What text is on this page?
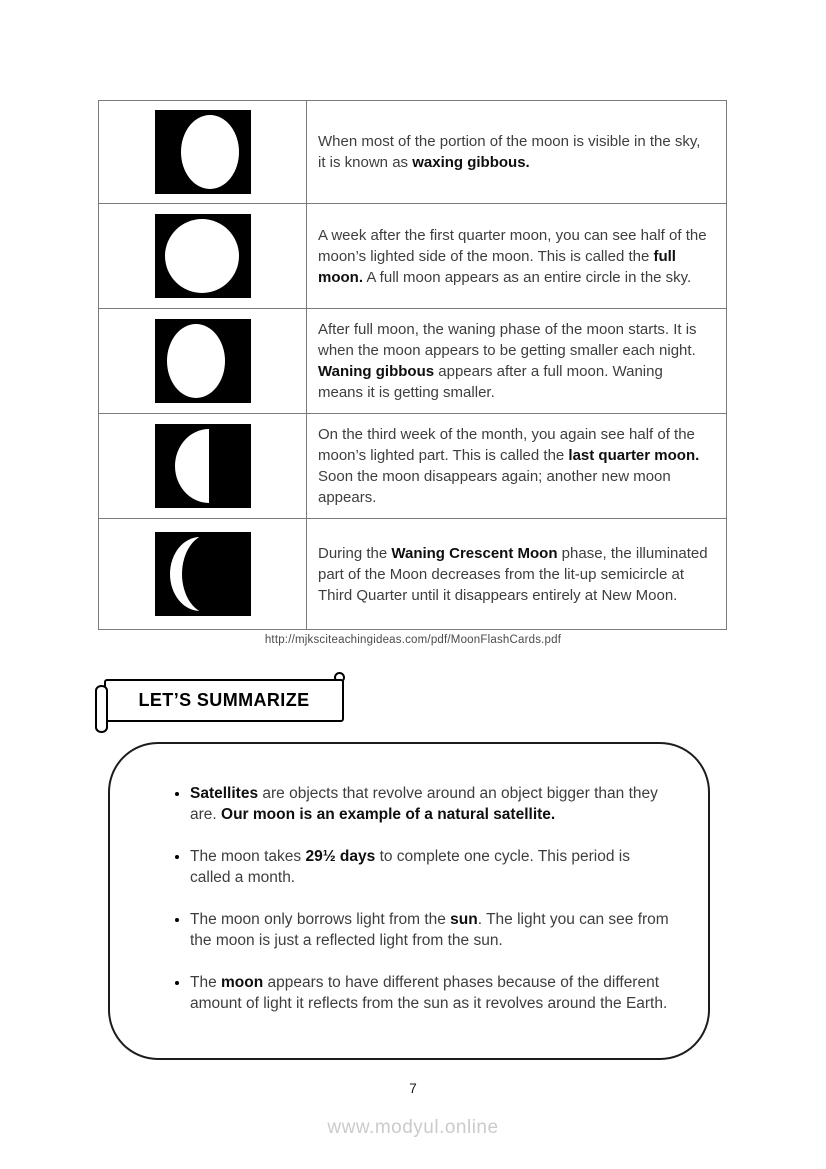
When most of the portion of the moon is visible in the sky, it is known as waxing gibbous.

A week after the first quarter moon, you can see half of the moon’s lighted side of the moon. This is called the full moon. A full moon appears as an entire circle in the sky.

After full moon, the waning phase of the moon starts. It is when the moon appears to be getting smaller each night. Waning gibbous appears after a full moon. Waning means it is getting smaller.

On the third week of the month, you again see half of the moon’s lighted part. This is called the last quarter moon. Soon the moon disappears again; another new moon appears.

During the Waning Crescent Moon phase, the illuminated part of the Moon decreases from the lit-up semicircle at Third Quarter until it disappears entirely at New Moon.

http://mjksciteachingideas.com/pdf/MoonFlashCards.pdf
LET’S SUMMARIZE
• Satellites are objects that revolve around an object bigger than they are. Our moon is an example of a natural satellite.
• The moon takes 29½ days to complete one cycle. This period is called a month.
• The moon only borrows light from the sun. The light you can see from the moon is just a reflected light from the sun.
• The moon appears to have different phases because of the different amount of light it reflects from the sun as it revolves around the Earth.
7
www.modyul.online
